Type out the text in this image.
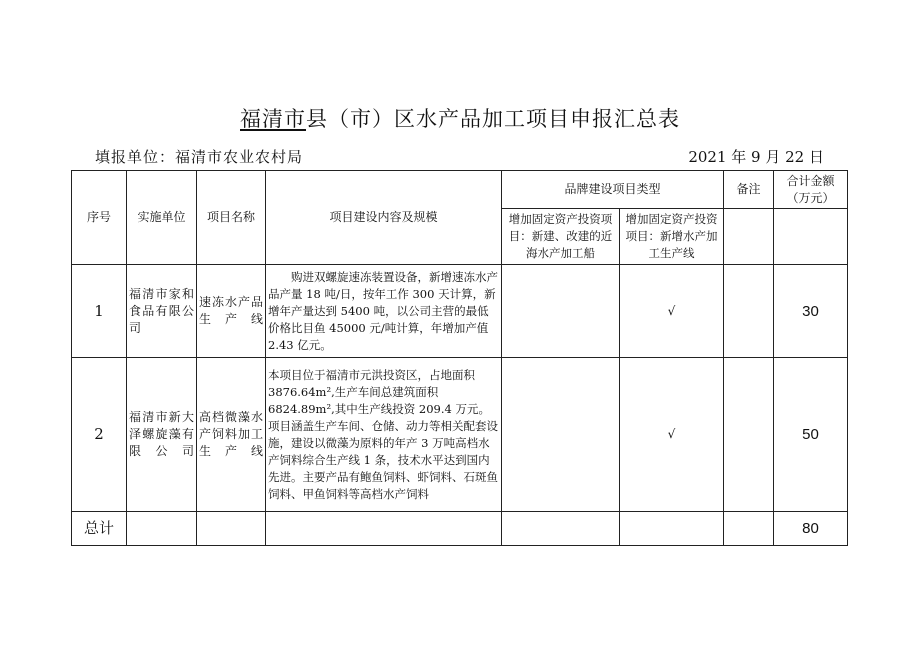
福清市县（市）区水产品加工项目申报汇总表
填报单位：福清市农业农村局	2021 年 9 月 22 日
序号	实施单位	项目名称	项目建设内容及规模	品牌建设项目类型		备注	合计金额（万元）
				增加固定资产投资项目：新建、改建的近海水产加工船	增加固定资产投资项目：新增水产加工生产线		
1	福清市家和食品有限公司	速冻水产品生产线	购进双螺旋速冻装置设备，新增速冻水产品产量 18 吨/日，按年工作 300 天计算，新增年产量达到 5400 吨，以公司主营的最低价格比目鱼 45000 元/吨计算，年增加产值 2.43 亿元。		√		30
2	福清市新大泽螺旋藻有限公司	高档微藻水产饲料加工生产线	本项目位于福清市元洪投资区，占地面积 3876.64m²,生产车间总建筑面积 6824.89m²,其中生产线投资 209.4 万元。项目涵盖生产车间、仓储、动力等相关配套设施，建设以微藻为原料的年产 3 万吨高档水产饲料综合生产线 1 条，技术水平达到国内先进。主要产品有鲍鱼饲料、虾饲料、石斑鱼饲料、甲鱼饲料等高档水产饲料		√		50
总计							80
